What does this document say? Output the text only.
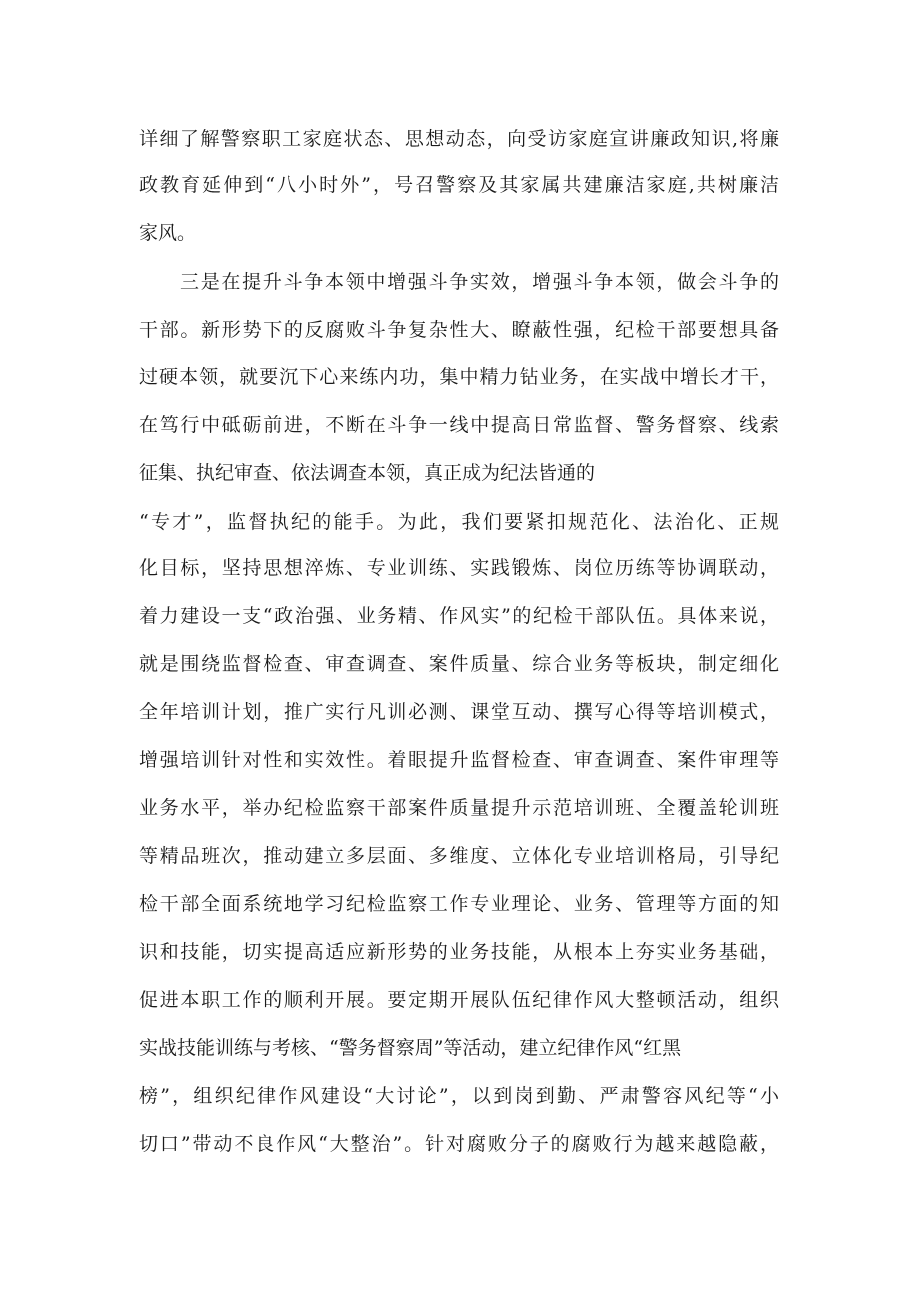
详细了解警察职工家庭状态、思想动态，向受访家庭宣讲廉政知识,将廉

政教育延伸到“八小时外”，号召警察及其家属共建廉洁家庭,共树廉洁

家风。

三是在提升斗争本领中增强斗争实效，增强斗争本领，做会斗争的

干部。新形势下的反腐败斗争复杂性大、瞭蔽性强，纪检干部要想具备

过硬本领，就要沉下心来练内功，集中精力钻业务，在实战中增长才干，

在笃行中砥砺前进，不断在斗争一线中提高日常监督、警务督察、线索

征集、执纪审查、依法调查本领，真正成为纪法皆通的

“专才”，监督执纪的能手。为此，我们要紧扣规范化、法治化、正规

化目标，坚持思想淬炼、专业训练、实践锻炼、岗位历练等协调联动，

着力建设一支“政治强、业务精、作风实”的纪检干部队伍。具体来说，

就是围绕监督检查、审查调查、案件质量、综合业务等板块，制定细化

全年培训计划，推广实行凡训必测、课堂互动、撰写心得等培训模式，

增强培训针对性和实效性。着眼提升监督检查、审查调查、案件审理等

业务水平，举办纪检监察干部案件质量提升示范培训班、全覆盖轮训班

等精品班次，推动建立多层面、多维度、立体化专业培训格局，引导纪

检干部全面系统地学习纪检监察工作专业理论、业务、管理等方面的知

识和技能，切实提高适应新形势的业务技能，从根本上夯实业务基础，

促进本职工作的顺利开展。要定期开展队伍纪律作风大整顿活动，组织

实战技能训练与考核、“警务督察周”等活动，建立纪律作风“红黑

榜”，组织纪律作风建设“大讨论”，以到岗到勤、严肃警容风纪等“小

切口”带动不良作风“大整治”。针对腐败分子的腐败行为越来越隐蔽，
